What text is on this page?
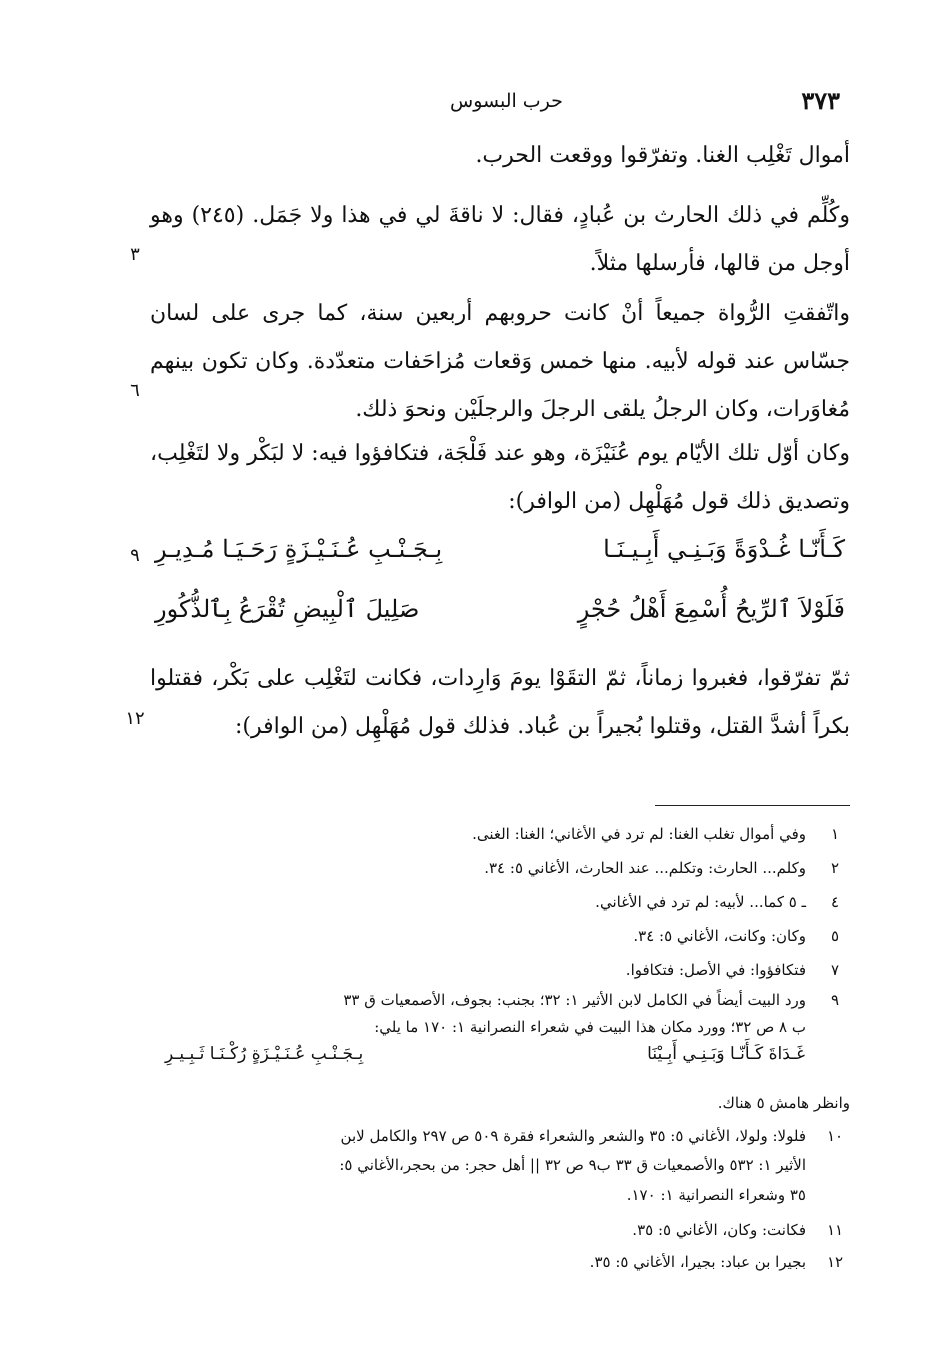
٣٧٣
حرب البسوس

أموال تَغْلِب الغنا. وتفرّقوا ووقعت الحرب.

وكُلِّم في ذلك الحارث بن عُبادٍ، فقال: لا ناقةَ لي في هذا ولا جَمَل. (٢٤٥) وهو أوجل من قالها، فأرسلها مثلاً.

واتّفقتِ الرُّواة جميعاً أنْ كانت حروبهم أربعين سنة، كما جرى على لسان جسّاس عند قوله لأبيه. منها خمس وَقعات مُزاحَفات متعدّدة. وكان تكون بينهم مُغاوَرات، وكان الرجلُ يلقى الرجلَ والرجلَيْن ونحوَ ذلك.

وكان أوّل تلك الأيّام يوم عُنَيْزَة، وهو عند فَلْجَة، فتكافؤوا فيه: لا لبَكْر ولا لتَغْلِب، وتصديق ذلك قول مُهَلْهِل (من الوافر):

كَـأَنّـا غُـدْوَةً وَبَـنِـي أَبِـيـنَـا
بِـجَـنْـبِ عُـنَـيْـزَةٍ رَحَـيَـا مُـدِيـرِ
فَلَوْلاَ ٱلرِّيحُ أُسْمِعَ أَهْلُ حُجْرٍ
صَلِيلَ ٱلْبِيضِ تُقْرَعُ بِٱلذُّكُورِ

ثمّ تفرّقوا، فغبروا زماناً، ثمّ التقَوْا يومَ وَارِدات، فكانت لتَغْلِب على بَكْر، فقتلوا بكراً أشدَّ القتل، وقتلوا بُجيراً بن عُباد. فذلك قول مُهَلْهِل (من الوافر):

٣
٦
٩
١٢
١
وفي أموال تغلب الغنا: لم ترد في الأغاني؛ الغنا: الغنى.
٢
وكلم... الحارث: وتكلم... عند الحارث، الأغاني ٥: ٣٤.
٤
ـ ٥ كما... لأبيه: لم ترد في الأغاني.
٥
وكان: وكانت، الأغاني ٥: ٣٤.
٧
فتكافؤوا: في الأصل: فتكافوا.
٩
ورد البيت أيضاً في الكامل لابن الأثير ١: ٣٢؛ بجنب: بجوف، الأصمعيات ق ٣٣
ب ٨ ص ٣٢؛ وورد مكان هذا البيت في شعراء النصرانية ١: ١٧٠ ما يلي:
غَـدَاةَ كَـأَنّـا وَبَـنِـي أَبِـيْنَا
بِـجَـنْـبِ عُـنَـيْـزَةٍ رُكْـنَـا ثَـبِـيـرِ
وانظر هامش ٥ هناك.
١٠
فلولا: ولولا، الأغاني ٥: ٣٥ والشعر والشعراء فقرة ٥٠٩ ص ٢٩٧ والكامل لابن
الأثير ١: ٥٣٢ والأصمعيات ق ٣٣ ب٩ ص ٣٢ || أهل حجر: من بحجر،الأغاني ٥:
٣٥ وشعراء النصرانية ١: ١٧٠.
١١
فكانت: وكان، الأغاني ٥: ٣٥.
١٢
بجيرا بن عباد: بجيرا، الأغاني ٥: ٣٥.
